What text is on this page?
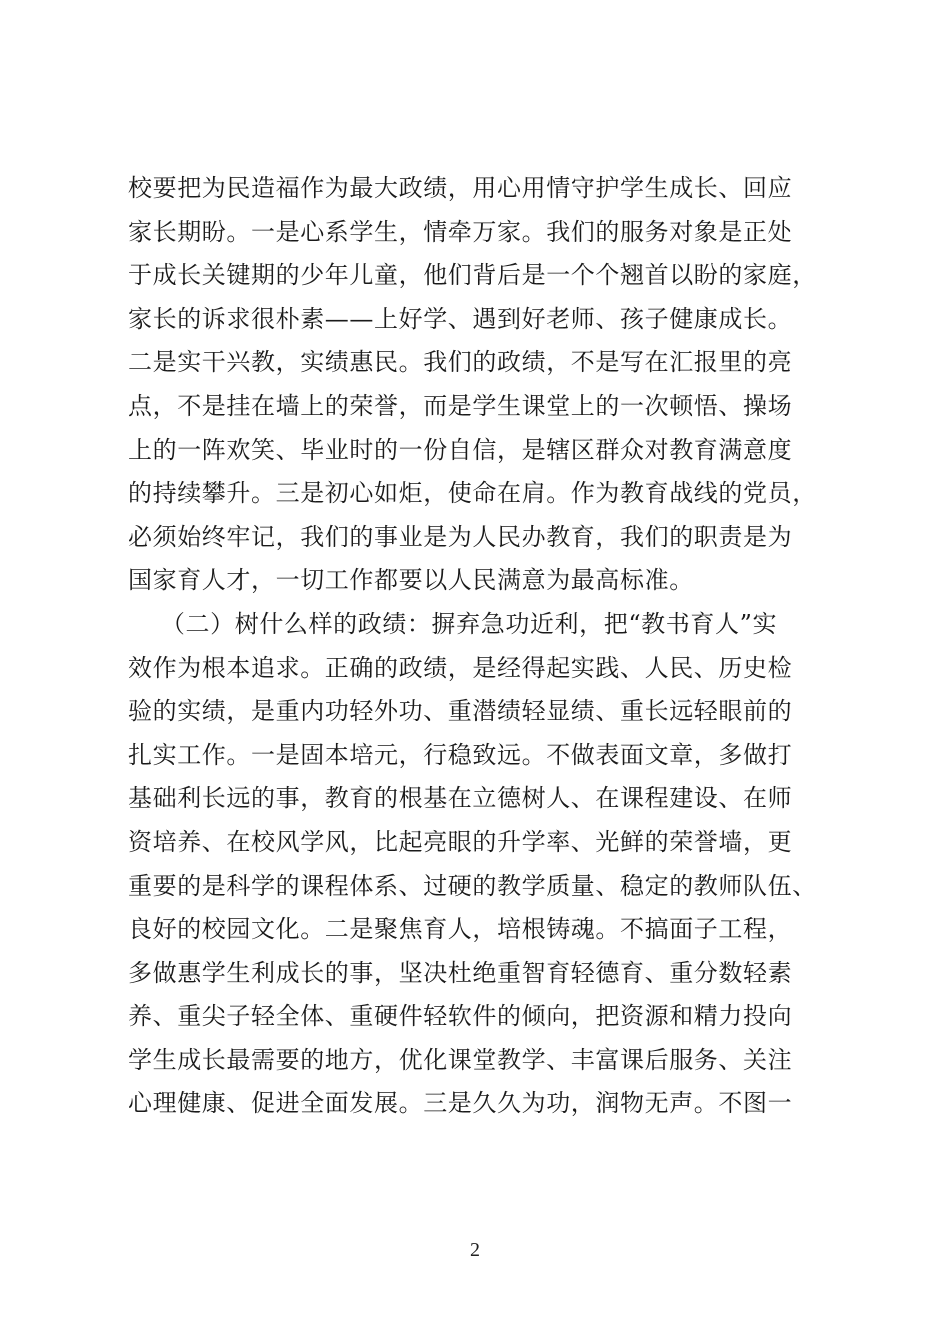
校要把为民造福作为最大政绩，用心用情守护学生成长、回应
家长期盼。一是心系学生，情牵万家。我们的服务对象是正处
于成长关键期的少年儿童，他们背后是一个个翘首以盼的家庭，
家长的诉求很朴素——上好学、遇到好老师、孩子健康成长。
二是实干兴教，实绩惠民。我们的政绩，不是写在汇报里的亮
点，不是挂在墙上的荣誉，而是学生课堂上的一次顿悟、操场
上的一阵欢笑、毕业时的一份自信，是辖区群众对教育满意度
的持续攀升。三是初心如炬，使命在肩。作为教育战线的党员，
必须始终牢记，我们的事业是为人民办教育，我们的职责是为
国家育人才，一切工作都要以人民满意为最高标准。
（二）树什么样的政绩：摒弃急功近利，把“教书育人”实
效作为根本追求。正确的政绩，是经得起实践、人民、历史检
验的实绩，是重内功轻外功、重潜绩轻显绩、重长远轻眼前的
扎实工作。一是固本培元，行稳致远。不做表面文章，多做打
基础利长远的事，教育的根基在立德树人、在课程建设、在师
资培养、在校风学风，比起亮眼的升学率、光鲜的荣誉墙，更
重要的是科学的课程体系、过硬的教学质量、稳定的教师队伍、
良好的校园文化。二是聚焦育人，培根铸魂。不搞面子工程，
多做惠学生利成长的事，坚决杜绝重智育轻德育、重分数轻素
养、重尖子轻全体、重硬件轻软件的倾向，把资源和精力投向
学生成长最需要的地方，优化课堂教学、丰富课后服务、关注
心理健康、促进全面发展。三是久久为功，润物无声。不图一
2
